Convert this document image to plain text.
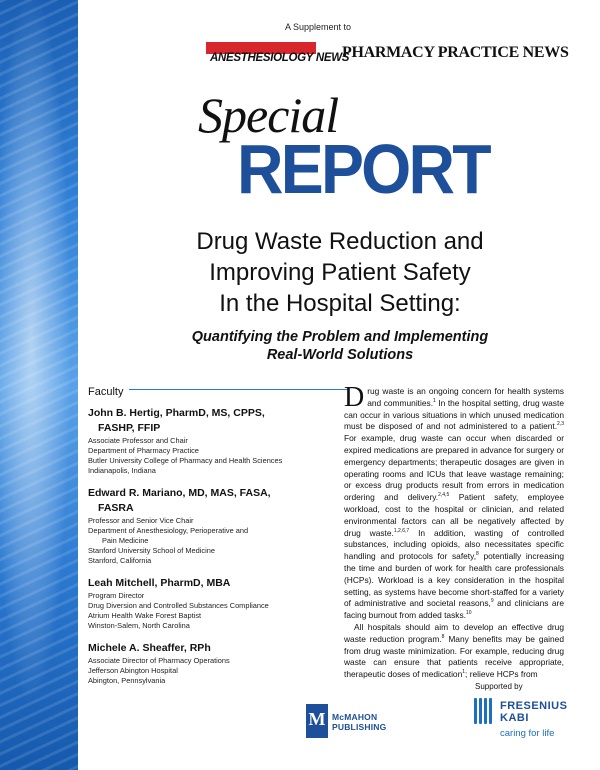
A Supplement to
ANESTHESIOLOGY NEWS
PHARMACY PRACTICE NEWS
Special
REPORT
Drug Waste Reduction and
Improving Patient Safety
In the Hospital Setting:
Quantifying the Problem and Implementing
Real-World Solutions
Faculty
John B. Hertig, PharmD, MS, CPPS,
FASHP, FFIP
Associate Professor and Chair
Department of Pharmacy Practice
Butler University College of Pharmacy and Health Sciences
Indianapolis, Indiana
Edward R. Mariano, MD, MAS, FASA,
FASRA
Professor and Senior Vice Chair
Department of Anesthesiology, Perioperative and
Pain Medicine
Stanford University School of Medicine
Stanford, California
Leah Mitchell, PharmD, MBA
Program Director
Drug Diversion and Controlled Substances Compliance
Atrium Health Wake Forest Baptist
Winston-Salem, North Carolina
Michele A. Sheaffer, RPh
Associate Director of Pharmacy Operations
Jefferson Abington Hospital
Abington, Pennsylvania

Drug waste is an ongoing concern for health systems and communities.$^1$ In the hospital setting, drug waste can occur in various situations in which unused medication must be disposed of and not administered to a patient.$^{2,3}$ For example, drug waste can occur when discarded or expired medications are prepared in advance for surgery or emergency departments; therapeutic dosages are given in operating rooms and ICUs that leave wastage remaining; or excess drug products result from errors in medication ordering and delivery.$^{2,4,5}$ Patient safety, employee workload, cost to the hospital or clinician, and related environmental factors can all be negatively affected by drug waste.$^{1,2,6,7}$ In addition, wasting of controlled substances, including opioids, also necessitates specific handling and protocols for safety,$^8$ potentially increasing the time and burden of work for health care professionals (HCPs). Workload is a key consideration in the hospital setting, as systems have become short-staffed for a variety of administrative and societal reasons,$^9$ and clinicians are facing burnout from added tasks.$^{10}$

All hospitals should aim to develop an effective drug waste reduction program.$^8$ Many benefits may be gained from drug waste minimization. For example, reducing drug waste can ensure that patients receive appropriate, therapeutic doses of medication$^1$; relieve HCPs from

Supported by
M McMAHON
PUBLISHING
FRESENIUS
KABI
caring for life
